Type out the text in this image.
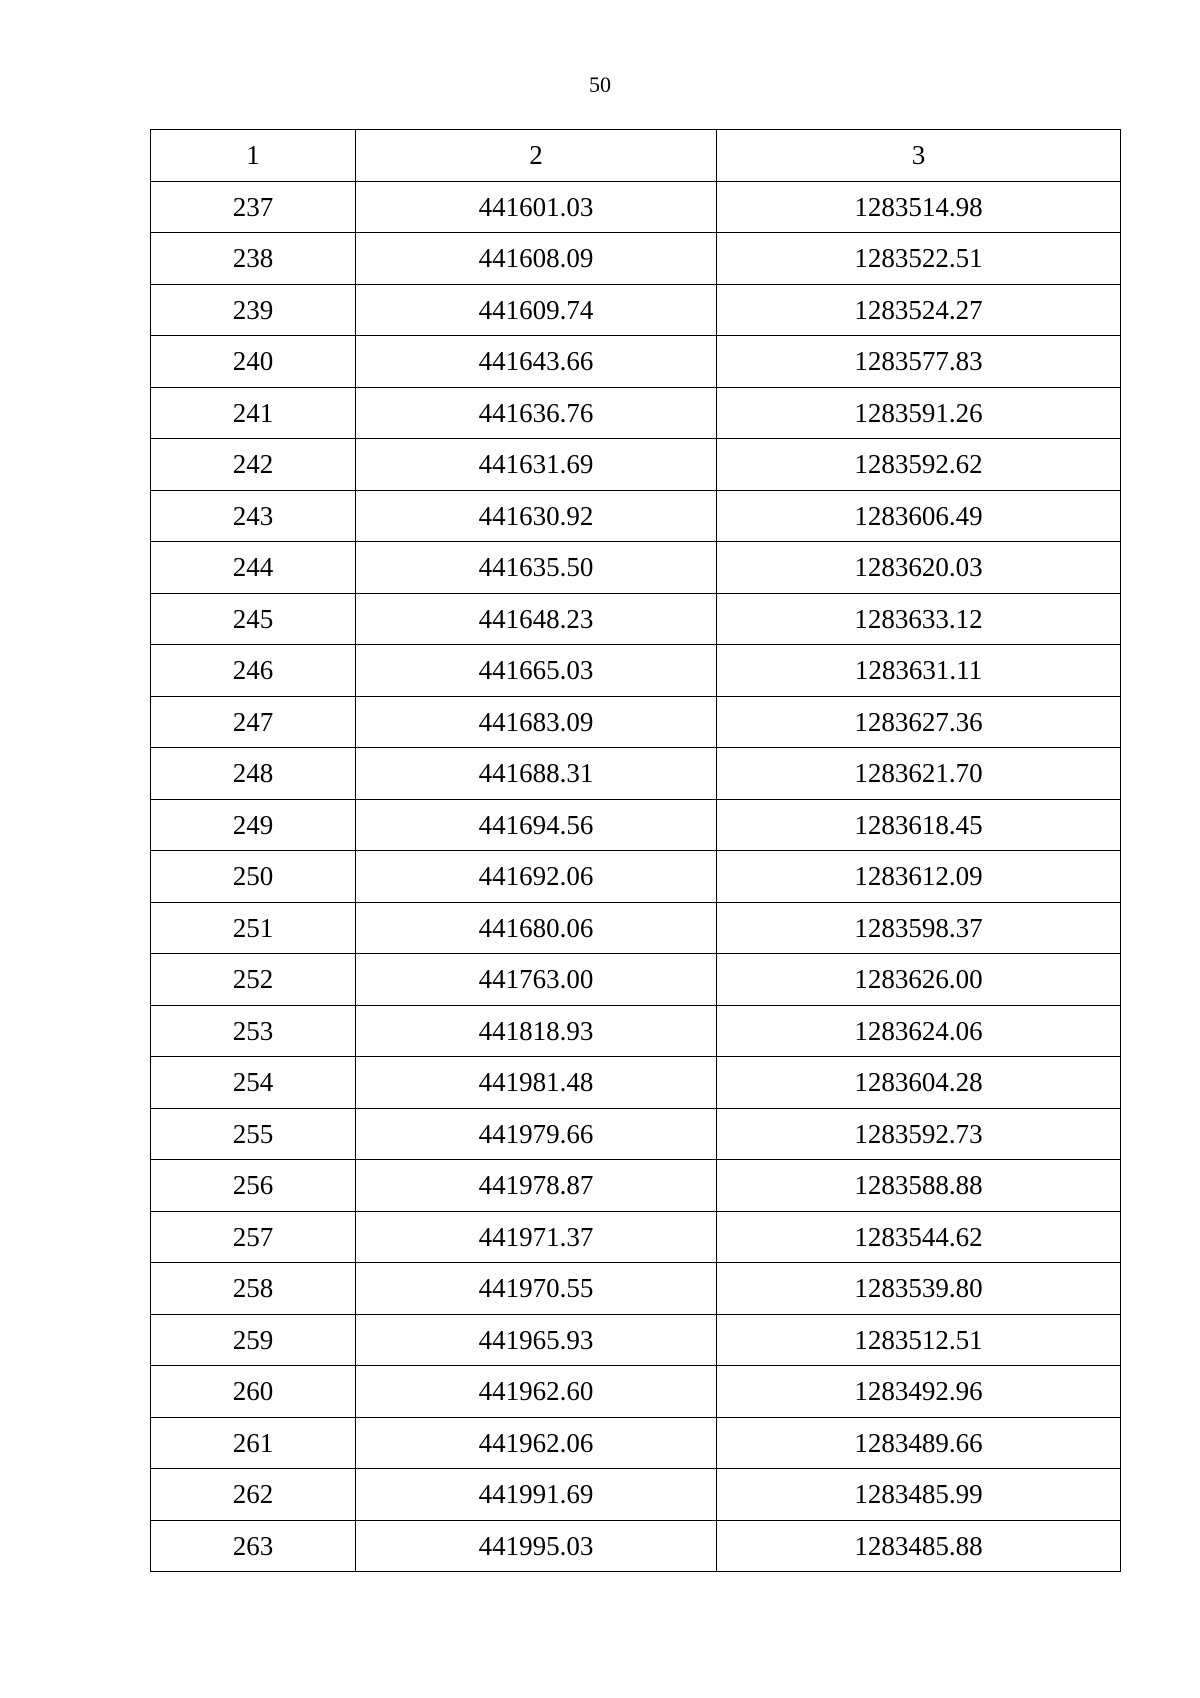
50
1	2	3
237	441601.03	1283514.98
238	441608.09	1283522.51
239	441609.74	1283524.27
240	441643.66	1283577.83
241	441636.76	1283591.26
242	441631.69	1283592.62
243	441630.92	1283606.49
244	441635.50	1283620.03
245	441648.23	1283633.12
246	441665.03	1283631.11
247	441683.09	1283627.36
248	441688.31	1283621.70
249	441694.56	1283618.45
250	441692.06	1283612.09
251	441680.06	1283598.37
252	441763.00	1283626.00
253	441818.93	1283624.06
254	441981.48	1283604.28
255	441979.66	1283592.73
256	441978.87	1283588.88
257	441971.37	1283544.62
258	441970.55	1283539.80
259	441965.93	1283512.51
260	441962.60	1283492.96
261	441962.06	1283489.66
262	441991.69	1283485.99
263	441995.03	1283485.88
